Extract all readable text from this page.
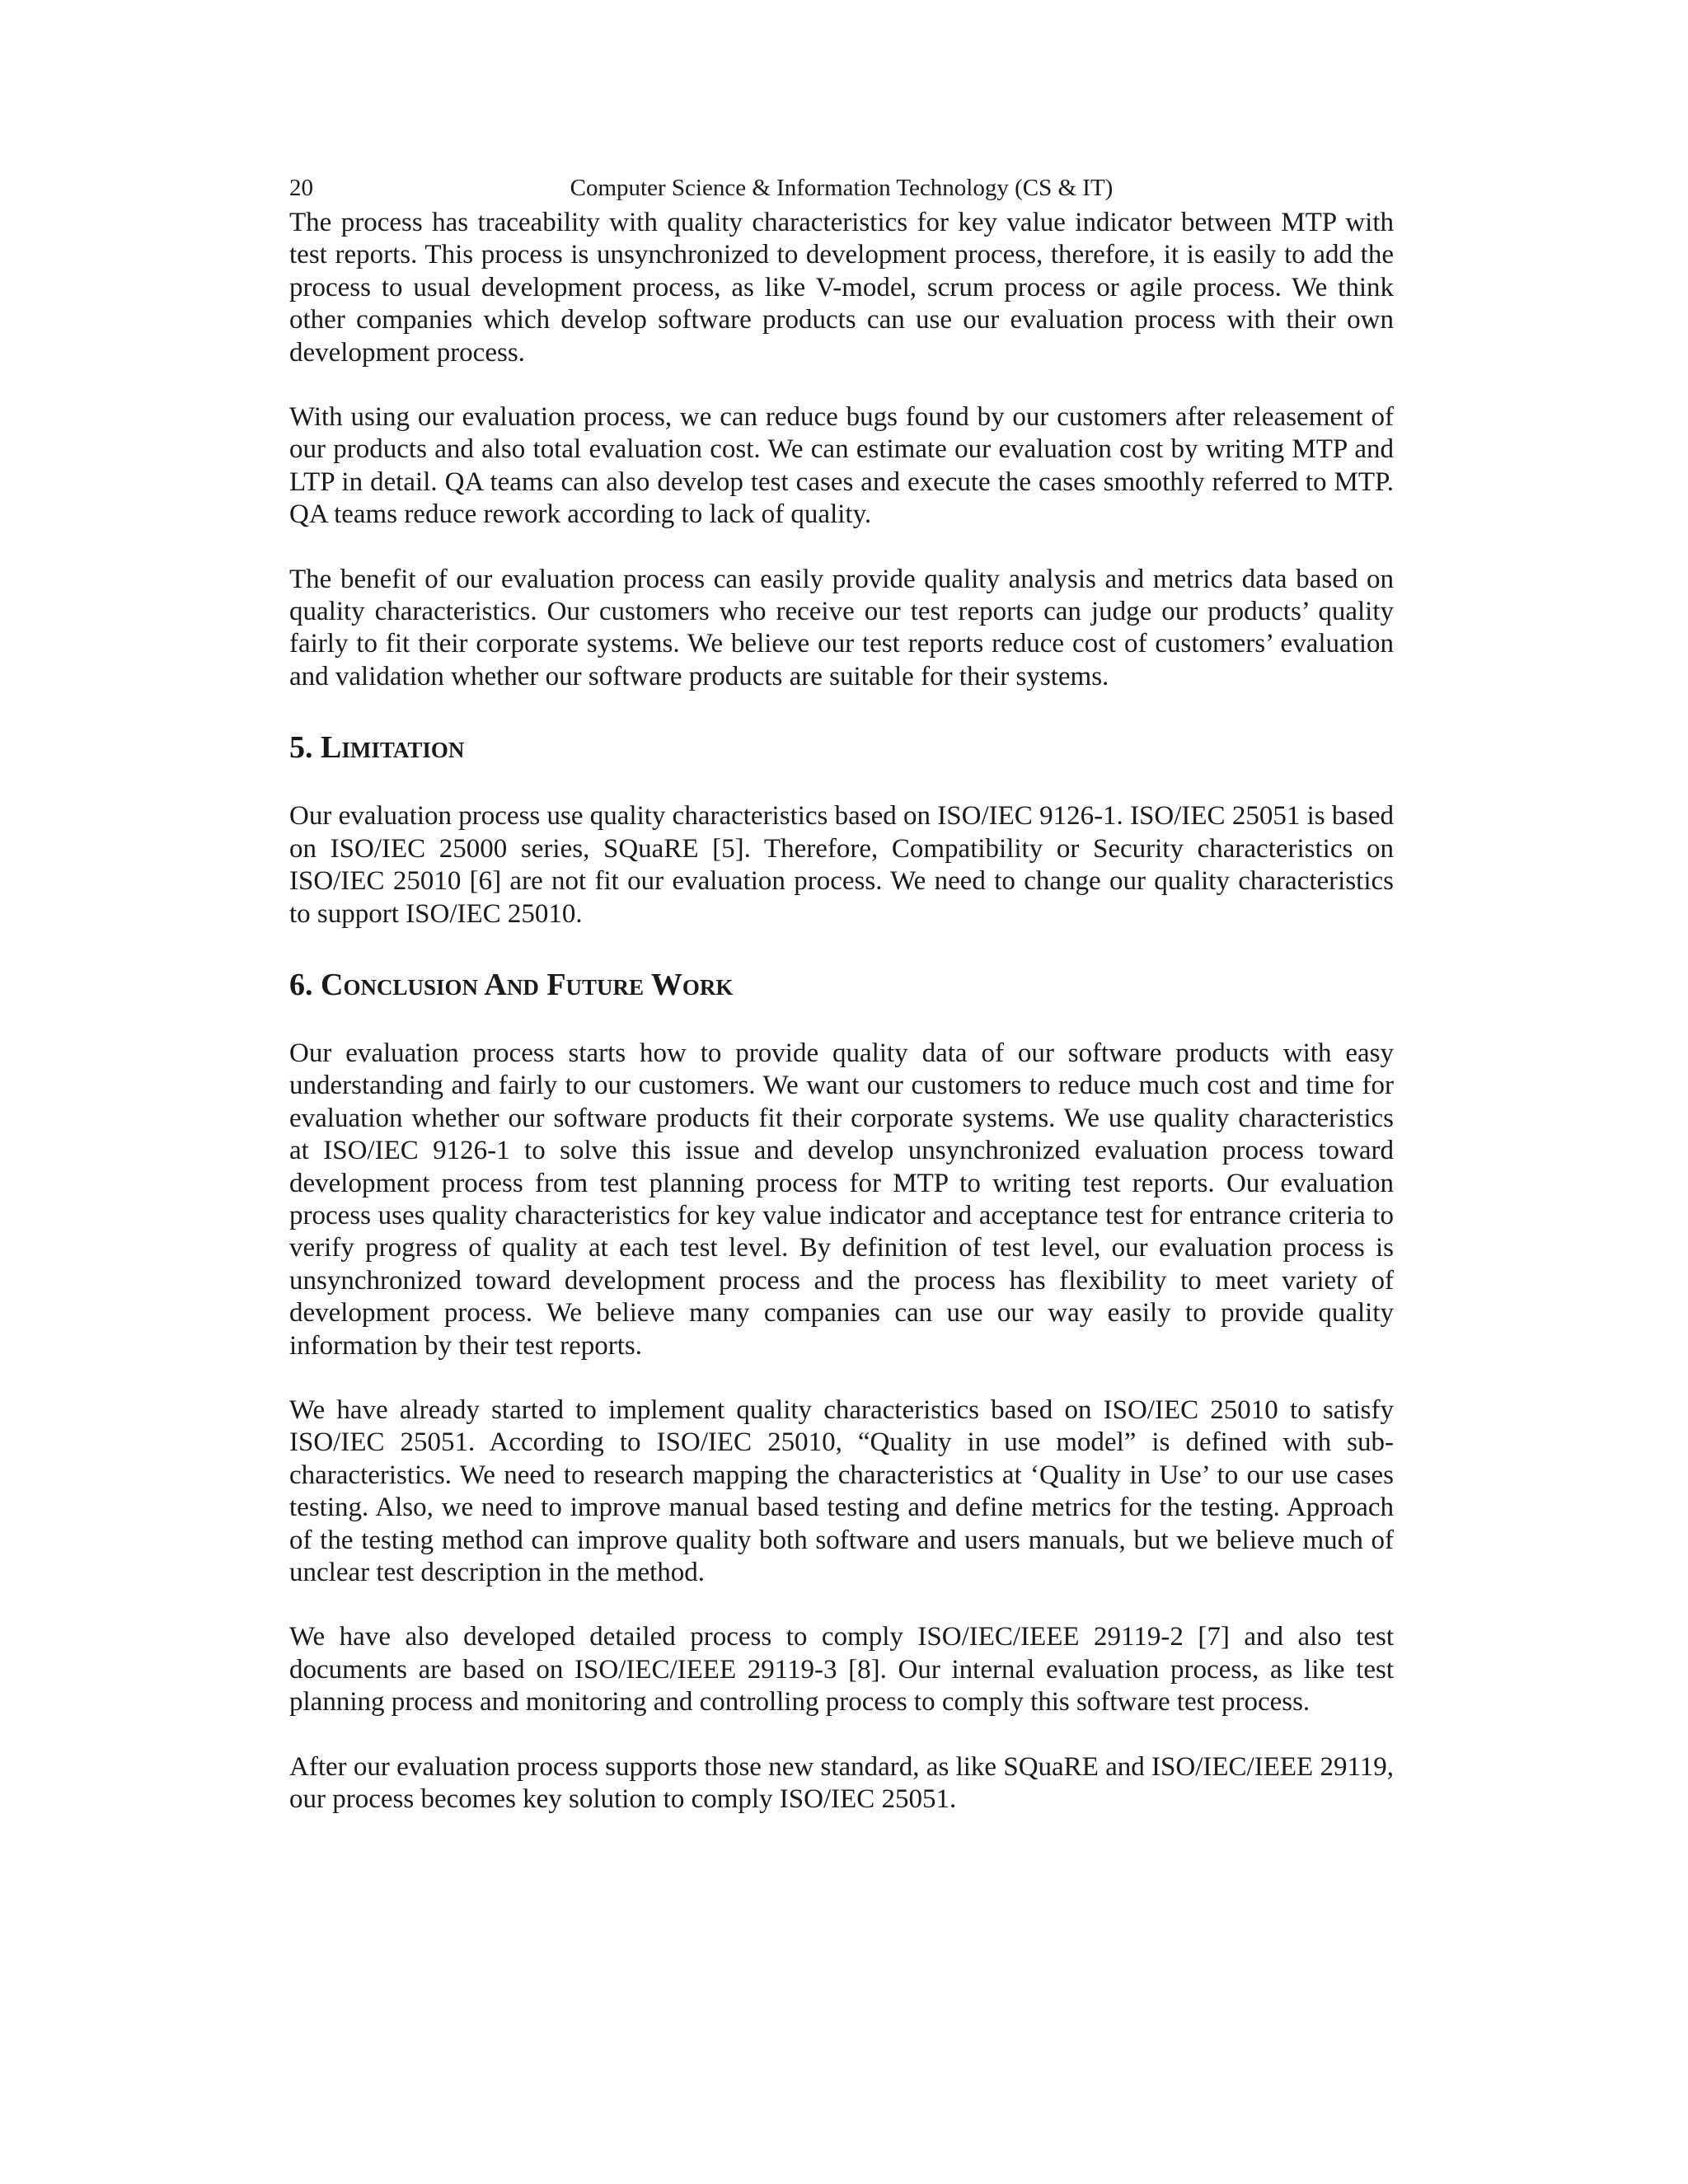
20	Computer Science & Information Technology (CS & IT)

The process has traceability with quality characteristics for key value indicator between MTP with test reports. This process is unsynchronized to development process, therefore, it is easily to add the process to usual development process, as like V-model, scrum process or agile process. We think other companies which develop software products can use our evaluation process with their own development process.

With using our evaluation process, we can reduce bugs found by our customers after releasement of our products and also total evaluation cost. We can estimate our evaluation cost by writing MTP and LTP in detail. QA teams can also develop test cases and execute the cases smoothly referred to MTP. QA teams reduce rework according to lack of quality.

The benefit of our evaluation process can easily provide quality analysis and metrics data based on quality characteristics. Our customers who receive our test reports can judge our products’ quality fairly to fit their corporate systems. We believe our test reports reduce cost of customers’ evaluation and validation whether our software products are suitable for their systems.

5. Limitation

Our evaluation process use quality characteristics based on ISO/IEC 9126-1. ISO/IEC 25051 is based on ISO/IEC 25000 series, SQuaRE [5]. Therefore, Compatibility or Security characteristics on ISO/IEC 25010 [6] are not fit our evaluation process. We need to change our quality characteristics to support ISO/IEC 25010.

6. Conclusion And Future Work

Our evaluation process starts how to provide quality data of our software products with easy understanding and fairly to our customers. We want our customers to reduce much cost and time for evaluation whether our software products fit their corporate systems. We use quality characteristics at ISO/IEC 9126-1 to solve this issue and develop unsynchronized evaluation process toward development process from test planning process for MTP to writing test reports. Our evaluation process uses quality characteristics for key value indicator and acceptance test for entrance criteria to verify progress of quality at each test level. By definition of test level, our evaluation process is unsynchronized toward development process and the process has flexibility to meet variety of development process. We believe many companies can use our way easily to provide quality information by their test reports.

We have already started to implement quality characteristics based on ISO/IEC 25010 to satisfy ISO/IEC 25051. According to ISO/IEC 25010, “Quality in use model” is defined with sub-characteristics. We need to research mapping the characteristics at ‘Quality in Use’ to our use cases testing. Also, we need to improve manual based testing and define metrics for the testing. Approach of the testing method can improve quality both software and users manuals, but we believe much of unclear test description in the method.

We have also developed detailed process to comply ISO/IEC/IEEE 29119-2 [7] and also test documents are based on ISO/IEC/IEEE 29119-3 [8]. Our internal evaluation process, as like test planning process and monitoring and controlling process to comply this software test process.

After our evaluation process supports those new standard, as like SQuaRE and ISO/IEC/IEEE 29119, our process becomes key solution to comply ISO/IEC 25051.
